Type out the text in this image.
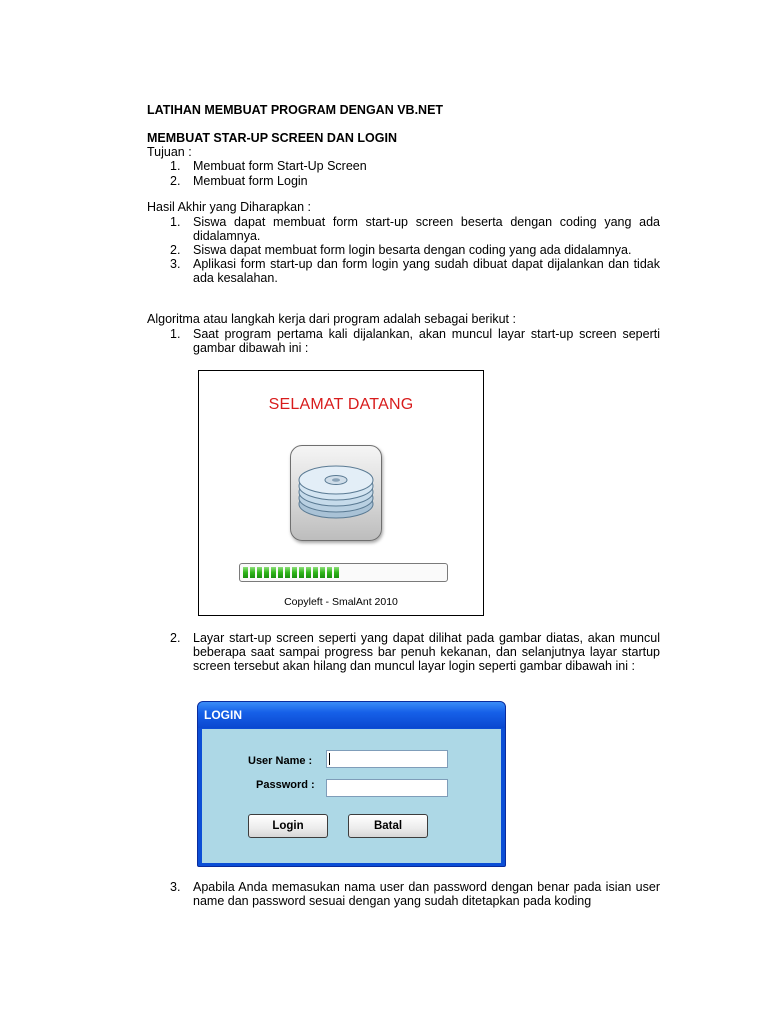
LATIHAN MEMBUAT PROGRAM DENGAN VB.NET
MEMBUAT STAR-UP SCREEN DAN LOGIN
Tujuan :
1. Membuat form Start-Up Screen
2. Membuat form Login
Hasil Akhir yang Diharapkan :
1. Siswa dapat membuat form start-up screen beserta dengan coding yang ada didalamnya.
2. Siswa dapat membuat form login besarta dengan coding yang ada didalamnya.
3. Aplikasi form start-up dan form login yang sudah dibuat dapat dijalankan dan tidak ada kesalahan.
Algoritma atau langkah kerja dari program adalah sebagai berikut :
1. Saat program pertama kali dijalankan, akan muncul layar start-up screen seperti gambar dibawah ini :
SELAMAT DATANG
Copyleft - SmalAnt 2010
2. Layar start-up screen seperti yang dapat dilihat pada gambar diatas, akan muncul beberapa saat sampai progress bar penuh kekanan, dan selanjutnya layar startup screen tersebut akan hilang dan muncul layar login seperti gambar dibawah ini :
LOGIN
User Name :
Password :
Login	Batal
3. Apabila Anda memasukan nama user dan password dengan benar pada isian user name dan password sesuai dengan yang sudah ditetapkan pada koding
